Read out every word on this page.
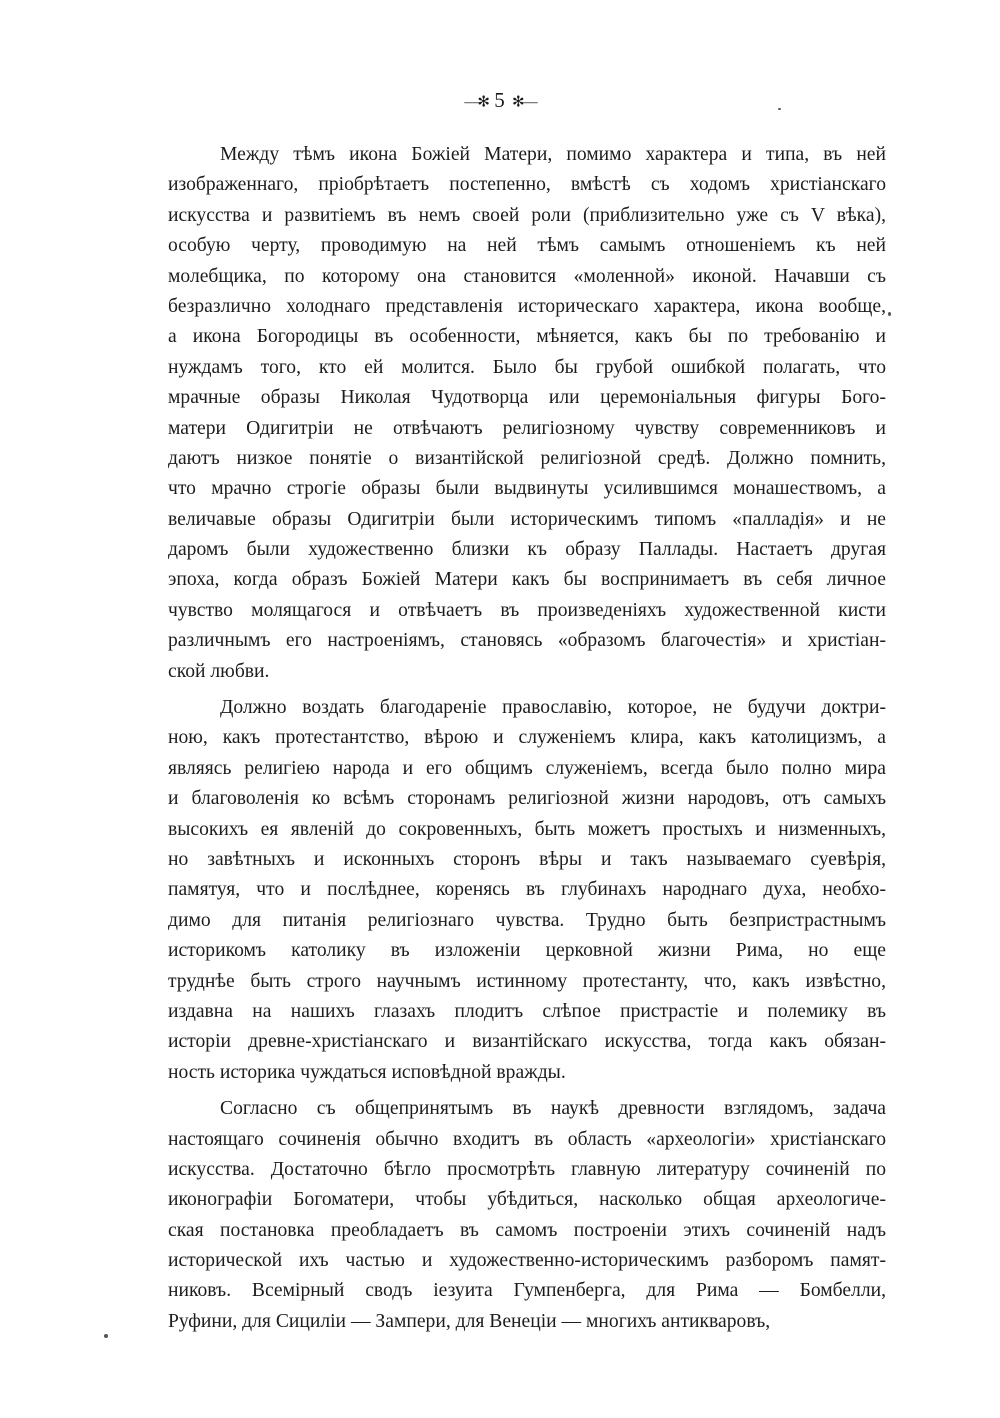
—✻ 5 ✻—
Между тѣмъ икона Божіей Матери, помимо характера и типа, въ ней
изображеннаго, пріобрѣтаетъ постепенно, вмѣстѣ съ ходомъ христіанскаго
искусства и развитіемъ въ немъ своей роли (приблизительно уже съ V вѣка),
особую черту, проводимую на ней тѣмъ самымъ отношеніемъ къ ней
молебщика, по которому она становится «моленной» иконой. Начавши съ
безразлично холоднаго представленія историческаго характера, икона вообще,
а икона Богородицы въ особенности, мѣняется, какъ бы по требованію и
нуждамъ того, кто ей молится. Было бы грубой ошибкой полагать, что
мрачные образы Николая Чудотворца или церемоніальныя фигуры Бого-
матери Одигитріи не отвѣчаютъ религіозному чувству современниковъ и
даютъ низкое понятіе о византійской религіозной средѣ. Должно помнить,
что мрачно строгіе образы были выдвинуты усилившимся монашествомъ, а
величавые образы Одигитріи были историческимъ типомъ «палладія» и не
даромъ были художественно близки къ образу Паллады. Настаетъ другая
эпоха, когда образъ Божіей Матери какъ бы воспринимаетъ въ себя личное
чувство молящагося и отвѣчаетъ въ произведеніяхъ художественной кисти
различнымъ его настроеніямъ, становясь «образомъ благочестія» и христіан-
ской любви.
Должно воздать благодареніе православію, которое, не будучи доктри-
ною, какъ протестантство, вѣрою и служеніемъ клира, какъ католицизмъ, а
являясь религіею народа и его общимъ служеніемъ, всегда было полно мира
и благоволенія ко всѣмъ сторонамъ религіозной жизни народовъ, отъ самыхъ
высокихъ ея явленій до сокровенныхъ, быть можетъ простыхъ и низменныхъ,
но завѣтныхъ и исконныхъ сторонъ вѣры и такъ называемаго суевѣрія,
памятуя, что и послѣднее, коренясь въ глубинахъ народнаго духа, необхо-
димо для питанія религіознаго чувства. Трудно быть безпристрастнымъ
историкомъ католику въ изложеніи церковной жизни Рима, но еще
труднѣе быть строго научнымъ истинному протестанту, что, какъ извѣстно,
издавна на нашихъ глазахъ плодитъ слѣпое пристрастіе и полемику въ
исторіи древне-христіанскаго и византійскаго искусства, тогда какъ обязан-
ность историка чуждаться исповѣдной вражды.
Согласно съ общепринятымъ въ наукѣ древности взглядомъ, задача
настоящаго сочиненія обычно входитъ въ область «археологіи» христіанскаго
искусства. Достаточно бѣгло просмотрѣть главную литературу сочиненій по
иконографіи Богоматери, чтобы убѣдиться, насколько общая археологиче-
ская постановка преобладаетъ въ самомъ построеніи этихъ сочиненій надъ
исторической ихъ частью и художественно-историческимъ разборомъ памят-
никовъ. Всемірный сводъ іезуита Гумпенберга, для Рима — Бомбелли,
Руфини, для Сициліи — Зампери, для Венеціи — многихъ антикваровъ,
